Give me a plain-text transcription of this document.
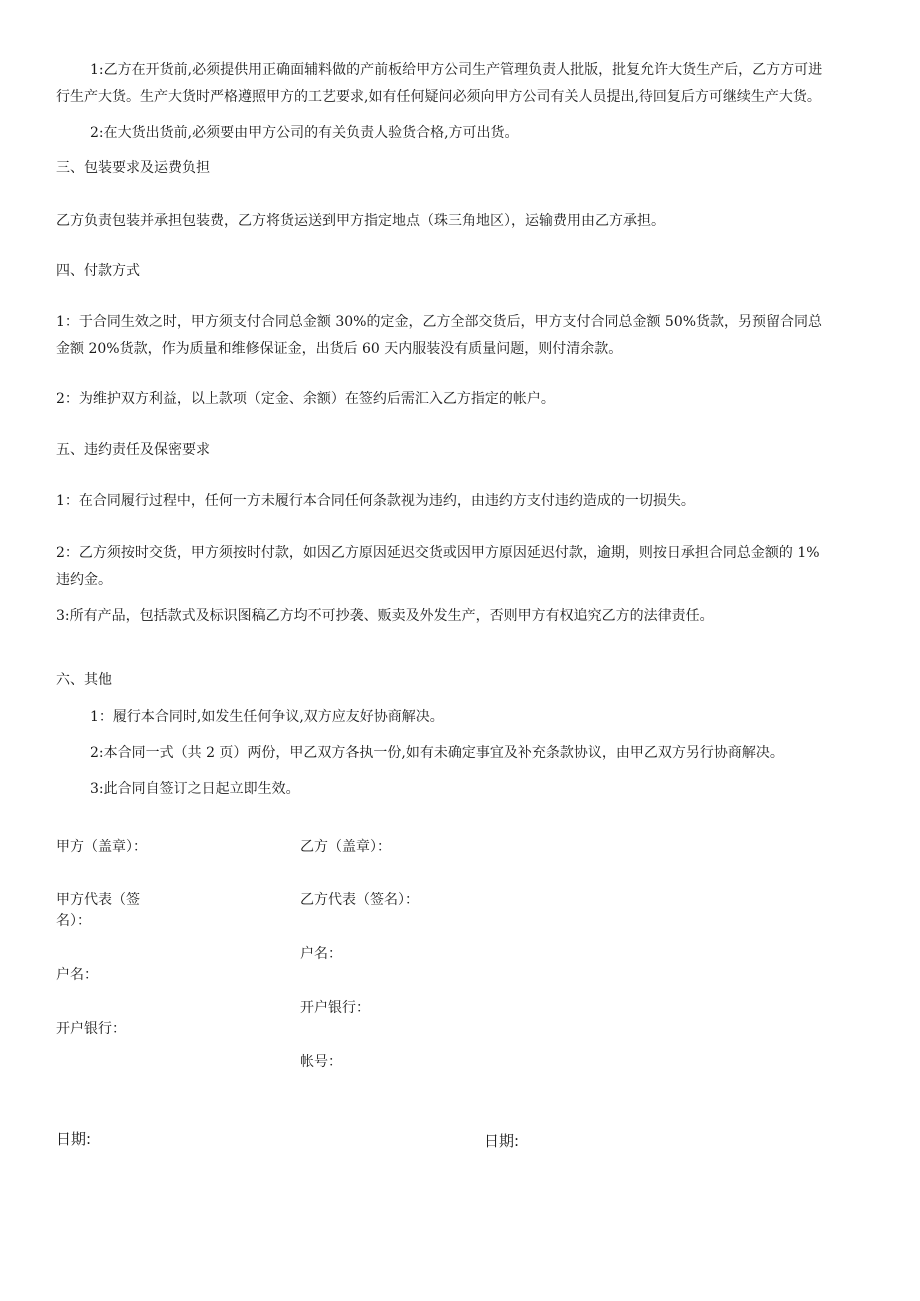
1:乙方在开货前,必须提供用正确面辅料做的产前板给甲方公司生产管理负责人批版，批复允许大货生产后，乙方方可进

行生产大货。生产大货时严格遵照甲方的工艺要求,如有任何疑问必须向甲方公司有关人员提出,待回复后方可继续生产大货。

2:在大货出货前,必须要由甲方公司的有关负责人验货合格,方可出货。

三、包装要求及运费负担

乙方负责包装并承担包装费，乙方将货运送到甲方指定地点（珠三角地区），运输费用由乙方承担。

四、付款方式

1：于合同生效之时，甲方须支付合同总金额 30%的定金，乙方全部交货后，甲方支付合同总金额 50%货款，另预留合同总

金额 20%货款，作为质量和维修保证金，出货后 60 天内服装没有质量问题，则付清余款。

2：为维护双方利益，以上款项（定金、余额）在签约后需汇入乙方指定的帐户。

五、违约责任及保密要求

1：在合同履行过程中，任何一方未履行本合同任何条款视为违约，由违约方支付违约造成的一切损失。

2：乙方须按时交货，甲方须按时付款，如因乙方原因延迟交货或因甲方原因延迟付款，逾期，则按日承担合同总金额的 1%

违约金。

3:所有产品，包括款式及标识图稿乙方均不可抄袭、贩卖及外发生产，否则甲方有权追究乙方的法律责任。

六、其他

1：履行本合同时,如发生任何争议,双方应友好协商解决。

2:本合同一式（共 2 页）两份，甲乙双方各执一份,如有未确定事宜及补充条款协议，由甲乙双方另行协商解决。

3:此合同自签订之日起立即生效。

甲方（盖章）：

甲方代表（签

名）：

户名：

开户银行：

日期:

乙方（盖章）：

乙方代表（签名）：

户名：

开户银行：

帐号：

日期:
